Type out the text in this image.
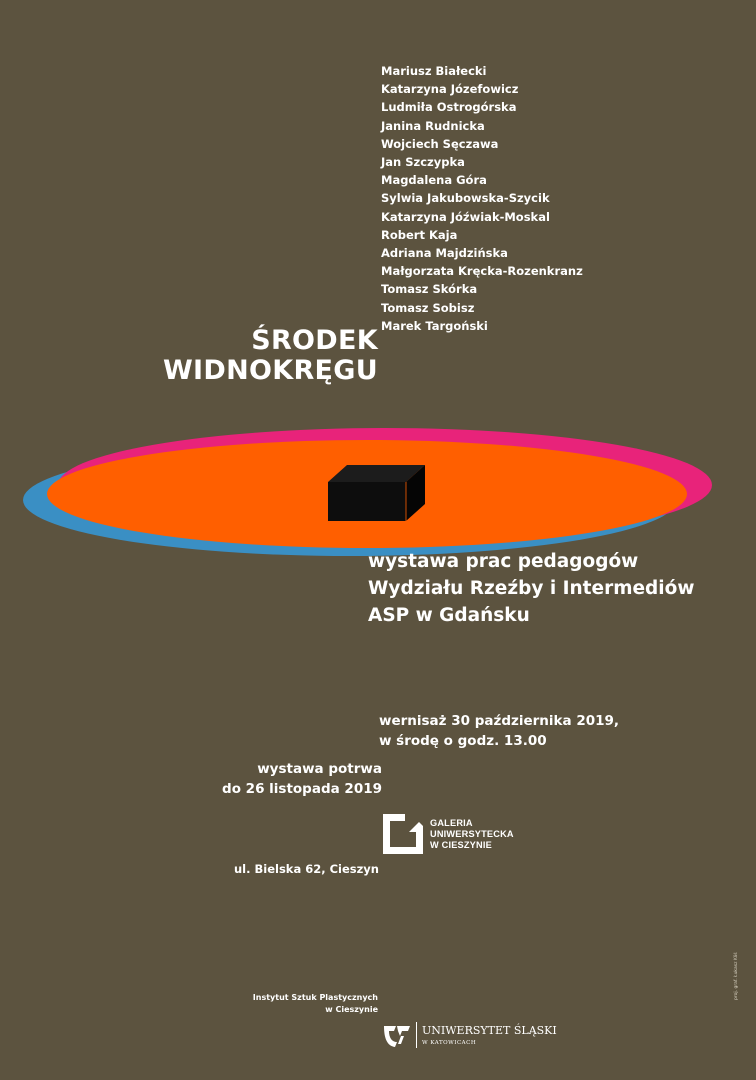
Mariusz Białecki
Katarzyna Józefowicz
Ludmiła Ostrogórska
Janina Rudnicka
Wojciech Sęczawa
Jan Szczypka
Magdalena Góra
Sylwia Jakubowska-Szycik
Katarzyna Jóźwiak-Moskal
Robert Kaja
Adriana Majdzińska
Małgorzata Kręcka-Rozenkranz
Tomasz Skórka
Tomasz Sobisz
Marek Targoński
ŚRODEK
WIDNOKRĘGU
wystawa prac pedagogów
Wydziału Rzeźby i Intermediów
ASP w Gdańsku
wernisaż 30 października 2019,
w środę o godz. 13.00
wystawa potrwa
do 26 listopada 2019
GALERIA
UNIWERSYTECKA
W CIESZYNIE
ul. Bielska 62, Cieszyn
Instytut Sztuk Plastycznych
w Cieszynie
UNIWERSYTET ŚLĄSKI
W KATOWICACH
proj. graf. Łukasz Kliś
